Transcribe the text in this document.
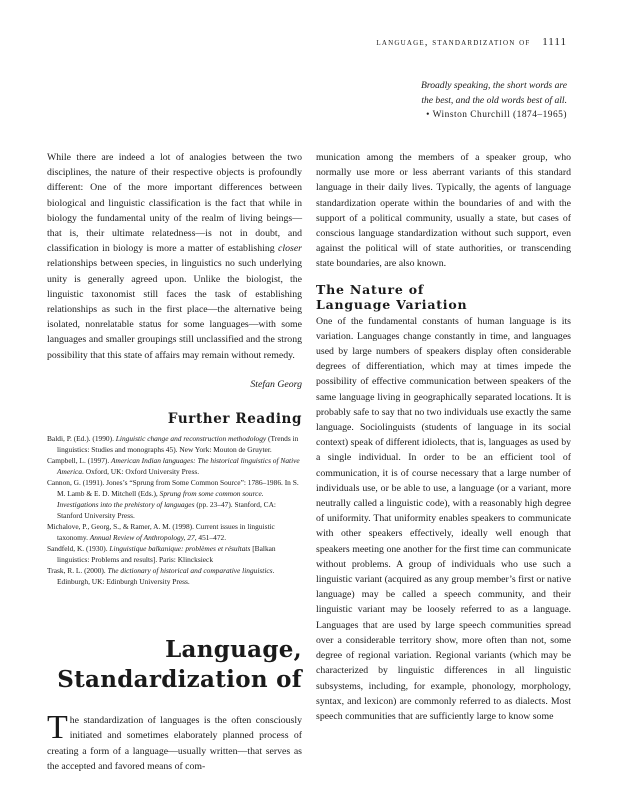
language, standardization of 1111
Broadly speaking, the short words are
the best, and the old words best of all.
• Winston Churchill (1874–1965)

While there are indeed a lot of analogies between the two disciplines, the nature of their respective objects is profoundly different: One of the more important differences between biological and linguistic classification is the fact that while in biology the fundamental unity of the realm of living beings—that is, their ultimate relatedness—is not in doubt, and classification in biology is more a matter of establishing closer relationships between species, in linguistics no such underlying unity is generally agreed upon. Unlike the biologist, the linguistic taxonomist still faces the task of establishing relationships as such in the first place—the alternative being isolated, nonrelatable status for some languages—with some languages and smaller groupings still unclassified and the strong possibility that this state of affairs may remain without remedy.

Stefan Georg

Further Reading

Baldi, P. (Ed.). (1990). Linguistic change and reconstruction methodology (Trends in linguistics: Studies and monographs 45). New York: Mouton de Gruyter.

Campbell, L. (1997). American Indian languages: The historical linguistics of Native America. Oxford, UK: Oxford University Press.

Cannon, G. (1991). Jones’s “Sprung from Some Common Source”: 1786–1986. In S. M. Lamb & E. D. Mitchell (Eds.), Sprung from some common source. Investigations into the prehistory of languages (pp. 23–47). Stanford, CA: Stanford University Press.

Michalove, P., Georg, S., & Ramer, A. M. (1998). Current issues in linguistic taxonomy. Annual Review of Anthropology, 27, 451–472.

Sandfeld, K. (1930). Linguistique balkanique: problèmes et résultats [Balkan linguistics: Problems and results]. Paris: Klincksieck

Trask, R. L. (2000). The dictionary of historical and comparative linguistics. Edinburgh, UK: Edinburgh University Press.

Language,
Standardization of

The standardization of languages is the often consciously initiated and sometimes elaborately planned process of creating a form of a language—usually written—that serves as the accepted and favored means of com-

munication among the members of a speaker group, who normally use more or less aberrant variants of this standard language in their daily lives. Typically, the agents of language standardization operate within the boundaries of and with the support of a political community, usually a state, but cases of conscious language standardization without such support, even against the political will of state authorities, or transcending state boundaries, are also known.

The Nature of
Language Variation

One of the fundamental constants of human language is its variation. Languages change constantly in time, and languages used by large numbers of speakers display often considerable degrees of differentiation, which may at times impede the possibility of effective communication between speakers of the same language living in geographically separated locations. It is probably safe to say that no two individuals use exactly the same language. Sociolinguists (students of language in its social context) speak of different idiolects, that is, languages as used by a single individual. In order to be an efficient tool of communication, it is of course necessary that a large number of individuals use, or be able to use, a language (or a variant, more neutrally called a linguistic code), with a reasonably high degree of uniformity. That uniformity enables speakers to communicate with other speakers effectively, ideally well enough that speakers meeting one another for the first time can communicate without problems. A group of individuals who use such a linguistic variant (acquired as any group member’s first or native language) may be called a speech community, and their linguistic variant may be loosely referred to as a language. Languages that are used by large speech communities spread over a considerable territory show, more often than not, some degree of regional variation. Regional variants (which may be characterized by linguistic differences in all linguistic subsystems, including, for example, phonology, morphology, syntax, and lexicon) are commonly referred to as dialects. Most speech communities that are sufficiently large to know some
